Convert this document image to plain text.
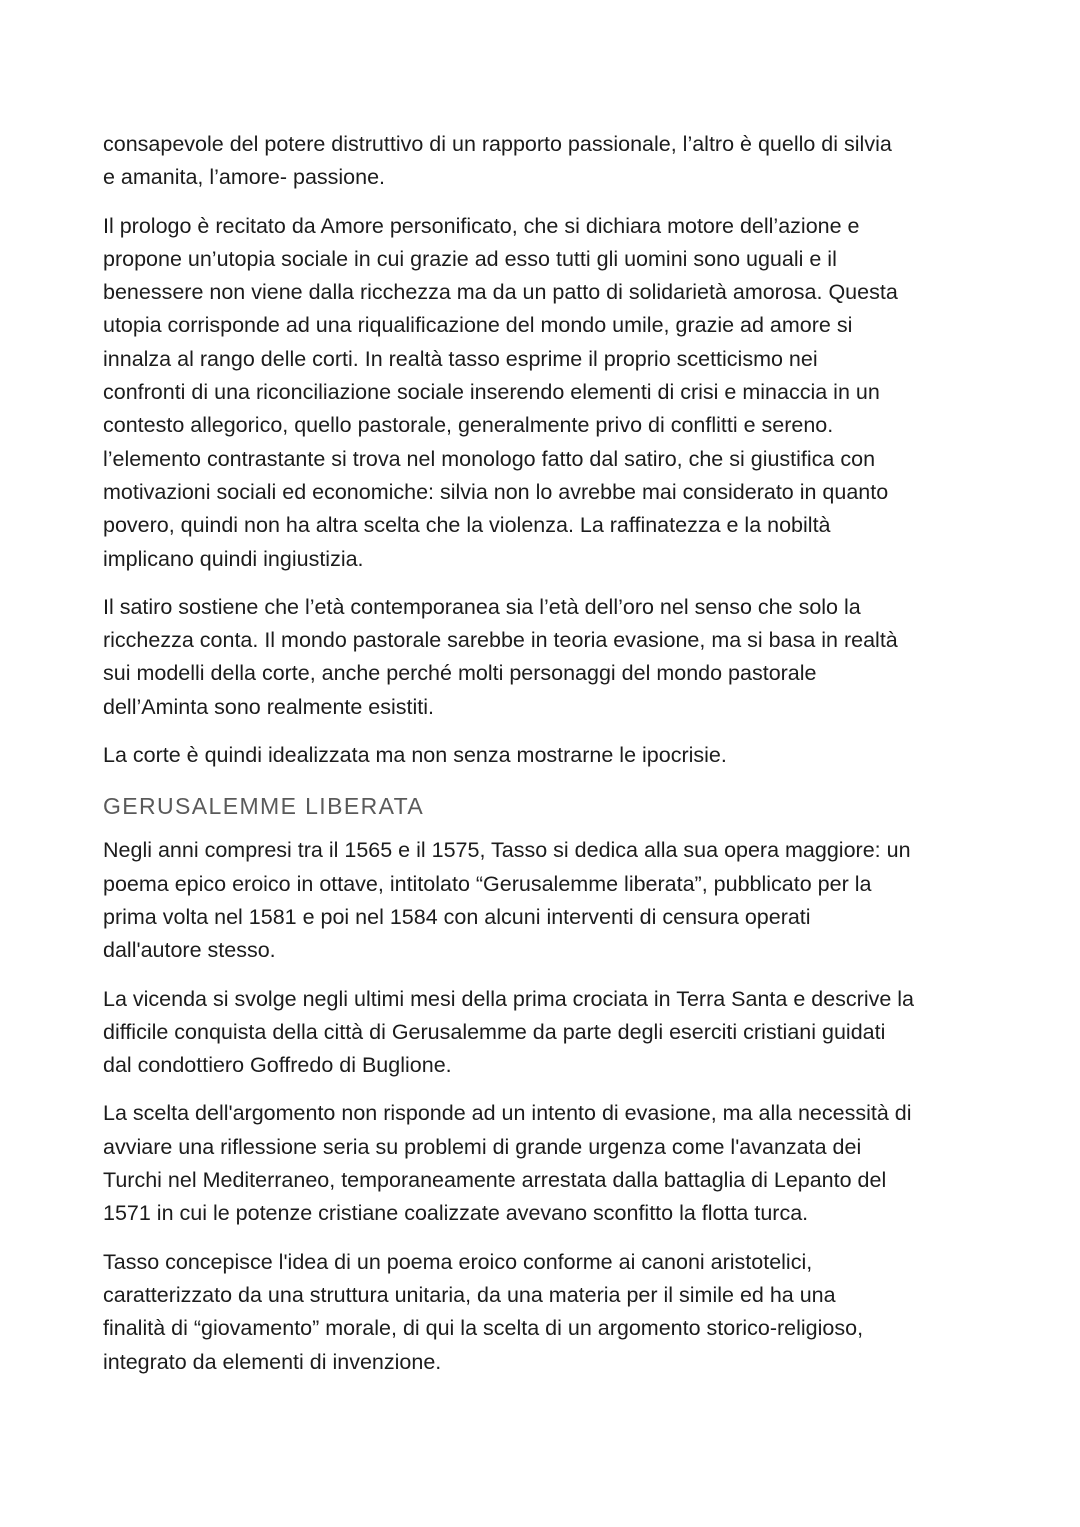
consapevole del potere distruttivo di un rapporto passionale, l’altro è quello di silvia
e amanita, l’amore- passione.

Il prologo è recitato da Amore personificato, che si dichiara motore dell’azione e
propone un’utopia sociale in cui grazie ad esso tutti gli uomini sono uguali e il
benessere non viene dalla ricchezza ma da un patto di solidarietà amorosa. Questa
utopia corrisponde ad una riqualificazione del mondo umile, grazie ad amore si
innalza al rango delle corti. In realtà tasso esprime il proprio scetticismo nei
confronti di una riconciliazione sociale inserendo elementi di crisi e minaccia in un
contesto allegorico, quello pastorale, generalmente privo di conflitti e sereno.
l’elemento contrastante si trova nel monologo fatto dal satiro, che si giustifica con
motivazioni sociali ed economiche: silvia non lo avrebbe mai considerato in quanto
povero, quindi non ha altra scelta che la violenza. La raffinatezza e la nobiltà
implicano quindi ingiustizia.

Il satiro sostiene che l’età contemporanea sia l’età dell’oro nel senso che solo la
ricchezza conta. Il mondo pastorale sarebbe in teoria evasione, ma si basa in realtà
sui modelli della corte, anche perché molti personaggi del mondo pastorale
dell’Aminta sono realmente esistiti.

La corte è quindi idealizzata ma non senza mostrarne le ipocrisie.

GERUSALEMME LIBERATA

Negli anni compresi tra il 1565 e il 1575, Tasso si dedica alla sua opera maggiore: un
poema epico eroico in ottave, intitolato “Gerusalemme liberata”, pubblicato per la
prima volta nel 1581 e poi nel 1584 con alcuni interventi di censura operati
dall'autore stesso.

La vicenda si svolge negli ultimi mesi della prima crociata in Terra Santa e descrive la
difficile conquista della città di Gerusalemme da parte degli eserciti cristiani guidati
dal condottiero Goffredo di Buglione.

La scelta dell'argomento non risponde ad un intento di evasione, ma alla necessità di
avviare una riflessione seria su problemi di grande urgenza come l'avanzata dei
Turchi nel Mediterraneo, temporaneamente arrestata dalla battaglia di Lepanto del
1571 in cui le potenze cristiane coalizzate avevano sconfitto la flotta turca.

Tasso concepisce l'idea di un poema eroico conforme ai canoni aristotelici,
caratterizzato da una struttura unitaria, da una materia per il simile ed ha una
finalità di “giovamento” morale, di qui la scelta di un argomento storico-religioso,
integrato da elementi di invenzione.
